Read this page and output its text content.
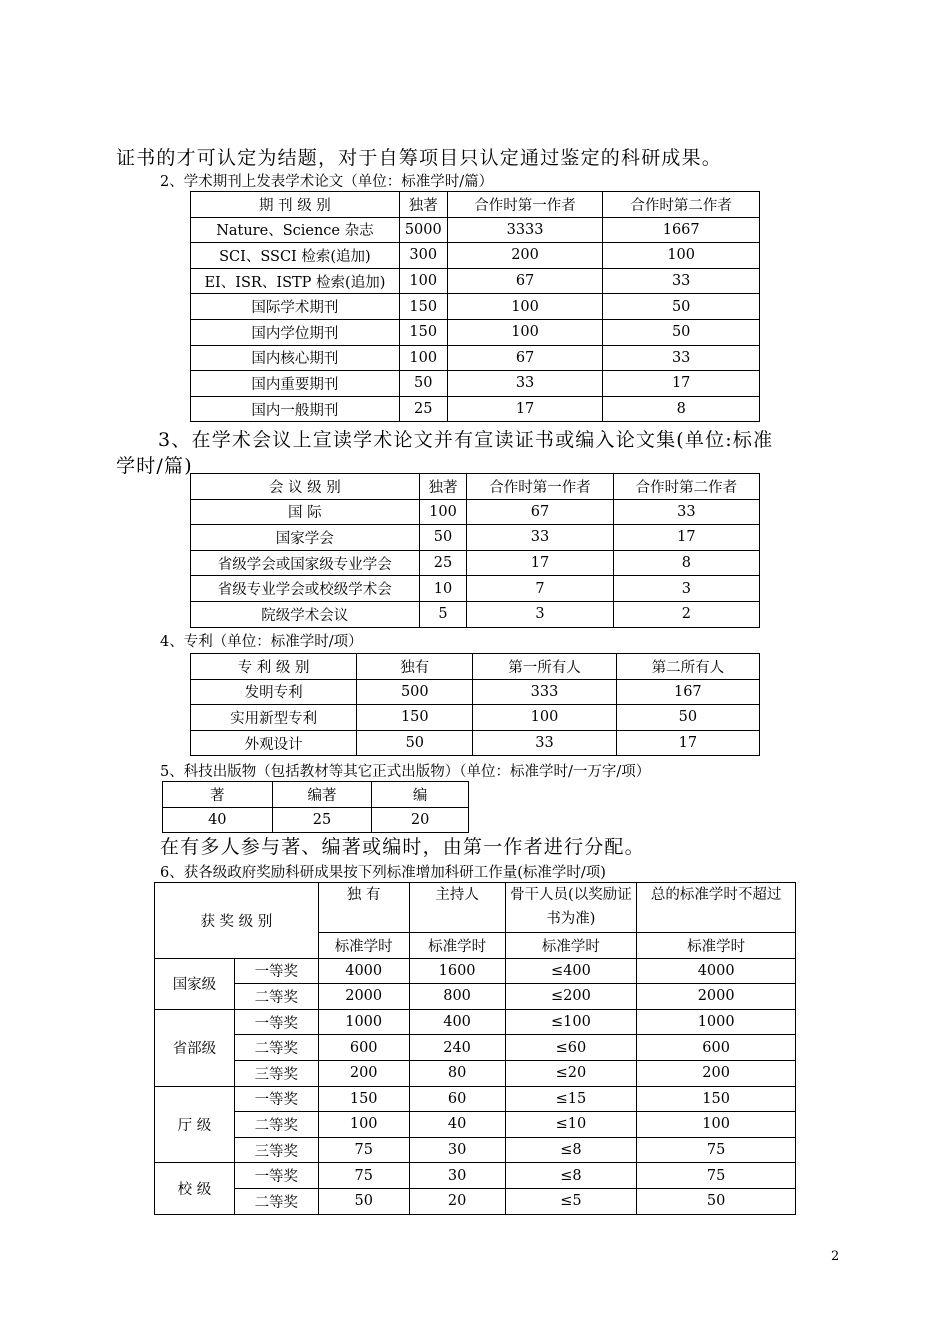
证书的才可认定为结题，对于自筹项目只认定通过鉴定的科研成果。
2、学术期刊上发表学术论文（单位：标准学时/篇）
期 刊 级 别	独著	合作时第一作者	合作时第二作者
Nature、Science 杂志	5000	3333	1667
SCI、SSCI 检索(追加)	300	200	100
EI、ISR、ISTP 检索(追加)	100	67	33
国际学术期刊	150	100	50
国内学位期刊	150	100	50
国内核心期刊	100	67	33
国内重要期刊	50	33	17
国内一般期刊	25	17	8
3、在学术会议上宣读学术论文并有宣读证书或编入论文集(单位:标准
学时/篇)
会 议 级 别	独著	合作时第一作者	合作时第二作者
国 际	100	67	33
国家学会	50	33	17
省级学会或国家级专业学会	25	17	8
省级专业学会或校级学术会	10	7	3
院级学术会议	5	3	2
4、专利（单位：标准学时/项）
专 利 级 别	独有	第一所有人	第二所有人
发明专利	500	333	167
实用新型专利	150	100	50
外观设计	50	33	17
5、科技出版物（包括教材等其它正式出版物）（单位：标准学时/一万字/项）
著	编著	编
40	25	20
在有多人参与著、编著或编时，由第一作者进行分配。
6、获各级政府奖励科研成果按下列标准增加科研工作量(标准学时/项)
获 奖 级 别		独 有	主持人	骨干人员(以奖励证书为准)	总的标准学时不超过
		标准学时	标准学时	标准学时	标准学时
国家级	一等奖	4000	1600	≤400	4000
	二等奖	2000	800	≤200	2000
省部级	一等奖	1000	400	≤100	1000
	二等奖	600	240	≤60	600
	三等奖	200	80	≤20	200
厅 级	一等奖	150	60	≤15	150
	二等奖	100	40	≤10	100
	三等奖	75	30	≤8	75
校 级	一等奖	75	30	≤8	75
	二等奖	50	20	≤5	50
2
